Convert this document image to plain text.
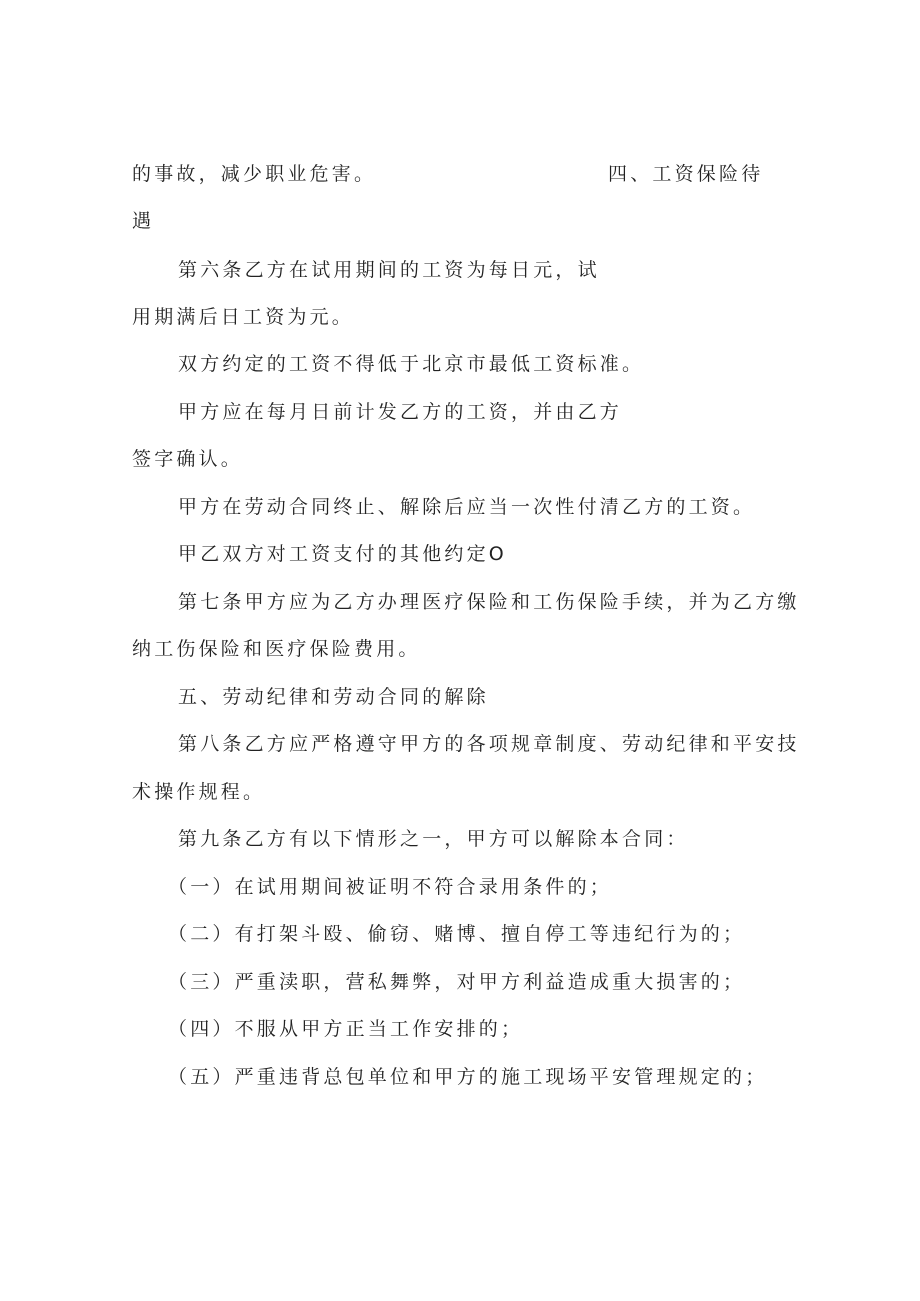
的事故，减少职业危害。	四、工资保险待
遇
第六条乙方在试用期间的工资为每日元，试
用期满后日工资为元。
双方约定的工资不得低于北京市最低工资标准。
甲方应在每月日前计发乙方的工资，并由乙方
签字确认。
甲方在劳动合同终止、解除后应当一次性付清乙方的工资。
甲乙双方对工资支付的其他约定O
第七条甲方应为乙方办理医疗保险和工伤保险手续，并为乙方缴
纳工伤保险和医疗保险费用。
五、劳动纪律和劳动合同的解除
第八条乙方应严格遵守甲方的各项规章制度、劳动纪律和平安技
术操作规程。
第九条乙方有以下情形之一，甲方可以解除本合同：
（一）在试用期间被证明不符合录用条件的；
（二）有打架斗殴、偷窃、赌博、擅自停工等违纪行为的；
（三）严重渎职，营私舞弊，对甲方利益造成重大损害的；
（四）不服从甲方正当工作安排的；
（五）严重违背总包单位和甲方的施工现场平安管理规定的；
